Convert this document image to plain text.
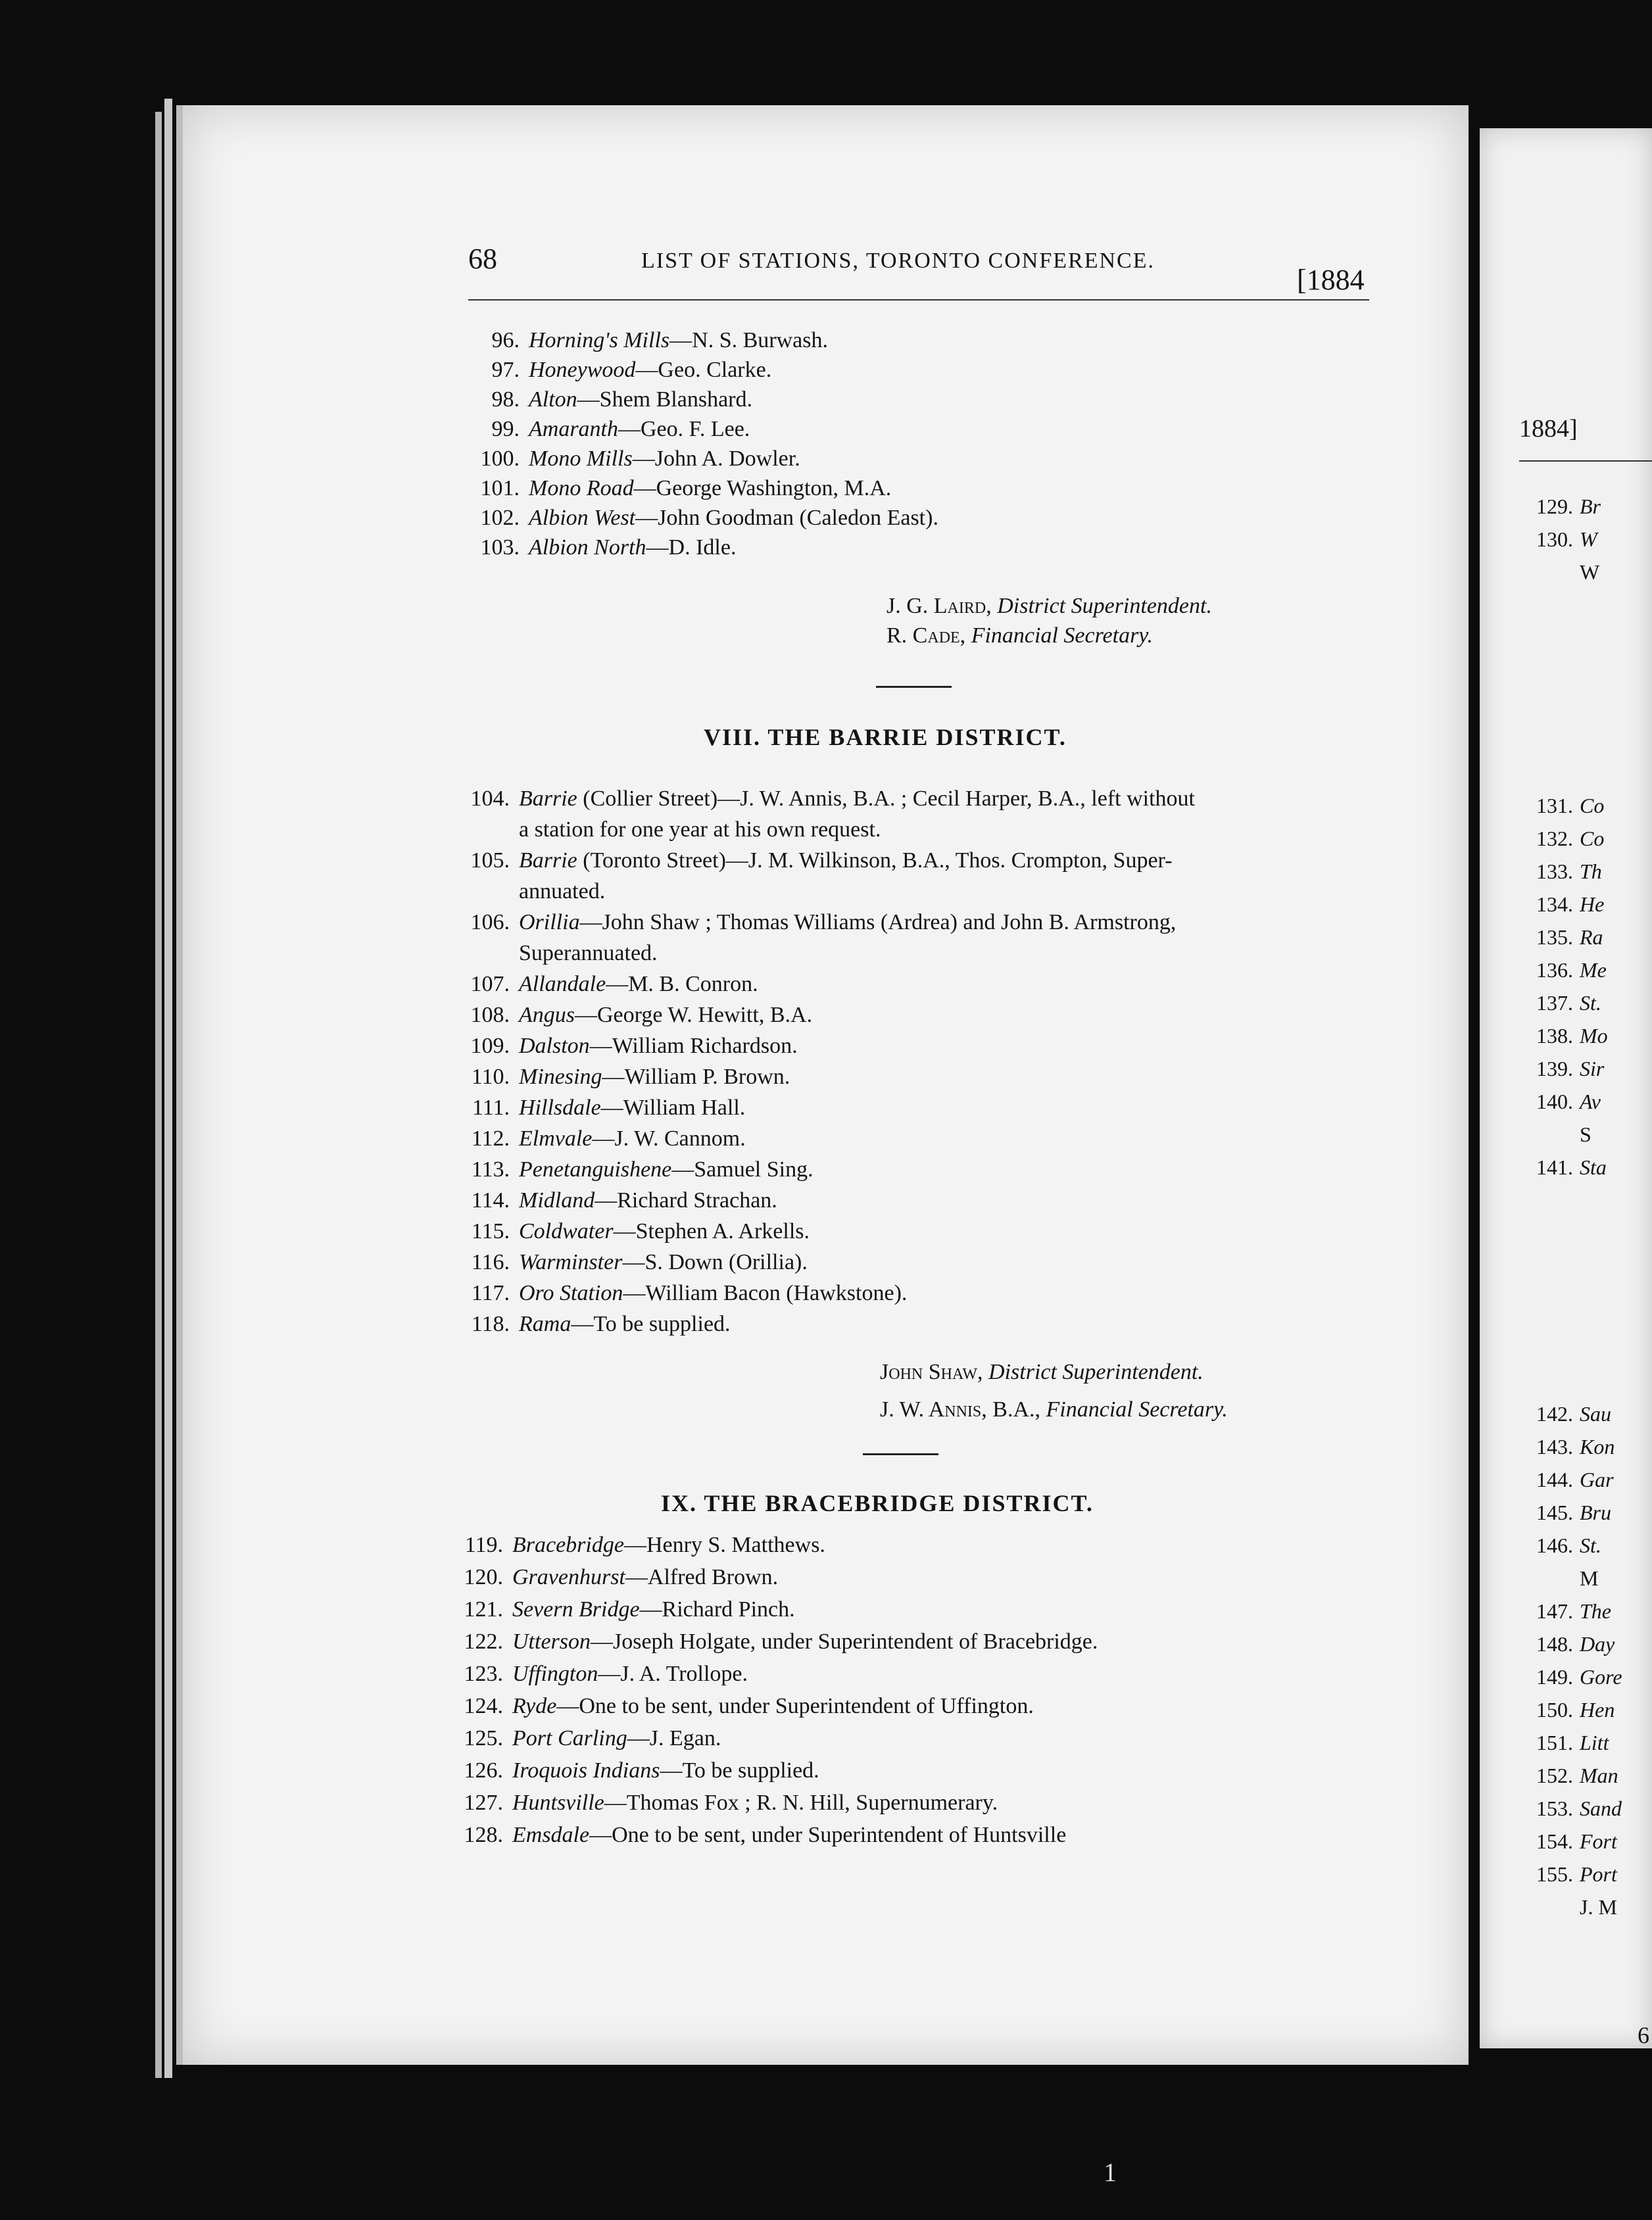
68	LIST OF STATIONS, TORONTO CONFERENCE.
[1884
96. Horning's Mills—N. S. Burwash.
97. Honeywood—Geo. Clarke.
98. Alton—Shem Blanshard.
99. Amaranth—Geo. F. Lee.
100. Mono Mills—John A. Dowler.
101. Mono Road—George Washington, M.A.
102. Albion West—John Goodman (Caledon East).
103. Albion North—D. Idle.
J. G. Laird, District Superintendent.
R. Cade, Financial Secretary.
VIII. THE BARRIE DISTRICT.
104. Barrie (Collier Street)—J. W. Annis, B.A. ; Cecil Harper, B.A., left without
a station for one year at his own request.
105. Barrie (Toronto Street)—J. M. Wilkinson, B.A., Thos. Crompton, Super-
annuated.
106. Orillia—John Shaw ; Thomas Williams (Ardrea) and John B. Armstrong,
Superannuated.
107. Allandale—M. B. Conron.
108. Angus—George W. Hewitt, B.A.
109. Dalston—William Richardson.
110. Minesing—William P. Brown.
111. Hillsdale—William Hall.
112. Elmvale—J. W. Cannom.
113. Penetanguishene—Samuel Sing.
114. Midland—Richard Strachan.
115. Coldwater—Stephen A. Arkells.
116. Warminster—S. Down (Orillia).
117. Oro Station—William Bacon (Hawkstone).
118. Rama—To be supplied.
John Shaw, District Superintendent.
J. W. Annis, B.A., Financial Secretary.
IX. THE BRACEBRIDGE DISTRICT.
119. Bracebridge—Henry S. Matthews.
120. Gravenhurst—Alfred Brown.
121. Severn Bridge—Richard Pinch.
122. Utterson—Joseph Holgate, under Superintendent of Bracebridge.
123. Uffington—J. A. Trollope.
124. Ryde—One to be sent, under Superintendent of Uffington.
125. Port Carling—J. Egan.
126. Iroquois Indians—To be supplied.
127. Huntsville—Thomas Fox ; R. N. Hill, Supernumerary.
128. Emsdale—One to be sent, under Superintendent of Huntsville
1884]
129. Br
130. W
W
131. Co
132. Co
133. Th
134. He
135. Ra
136. Me
137. St.
138. Mo
139. Sir
140. Av
S
141. Sta
142. Sau
143. Kon
144. Gar
145. Bru
146. St.
M
147. The
148. Day
149. Gore
150. Hen
151. Litt
152. Man
153. Sand
154. Fort
155. Port
J. M
6
1
